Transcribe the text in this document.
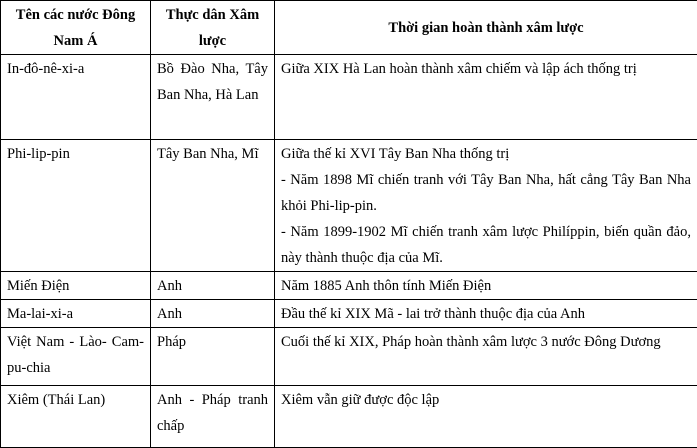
Tên các nước Đông Nam Á	Thực dân Xâm lược	Thời gian hoàn thành xâm lược
In-đô-nê-xi-a	Bồ Đào Nha, Tây Ban Nha, Hà Lan	Giữa XIX Hà Lan hoàn thành xâm chiếm và lập ách thống trị

Phi-lip-pin	Tây Ban Nha, Mĩ	Giữa thế kỉ XVI Tây Ban Nha thống trị
- Năm 1898 Mĩ chiến tranh với Tây Ban Nha, hất cẳng Tây Ban Nha khỏi Phi-lip-pin.
- Năm 1899-1902 Mĩ chiến tranh xâm lược Philíppin, biến quần đảo, này thành thuộc địa của Mĩ.

Miến Điện	Anh	Năm 1885 Anh thôn tính Miến Điện

Ma-lai-xi-a	Anh	Đầu thế kỉ XIX Mã - lai trở thành thuộc địa của Anh

Việt Nam - Lào- Cam-pu-chia	Pháp	Cuối thế kỉ XIX, Pháp hoàn thành xâm lược 3 nước Đông Dương

Xiêm (Thái Lan)	Anh - Pháp tranh chấp	Xiêm vẫn giữ được độc lập
